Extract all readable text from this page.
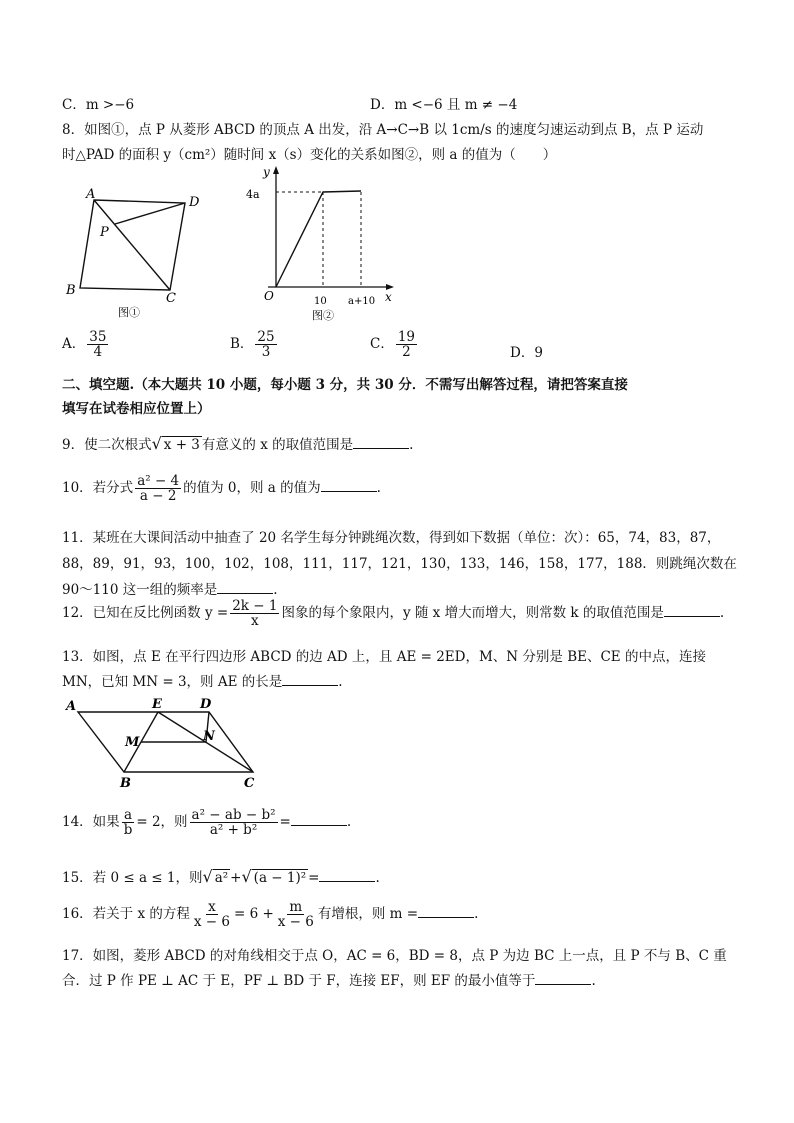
C．m >−6	D．m <−6 且 m ≠ −4
8．如图①，点 P 从菱形 ABCD 的顶点 A 出发，沿 A→C→B 以 1cm/s 的速度匀速运动到点 B，点 P 运动
时△PAD 的面积 y（cm²）随时间 x（s）变化的关系如图②，则 a 的值为（　　）
A
D
P
B
C
图①
y
4a
O	10 a+10 x
图②
A． $\frac{35}{4}$	B． $\frac{25}{3}$	C． $\frac{19}{2}$	D．9
二、填空题.（本大题共 10 小题，每小题 3 分，共 30 分．不需写出解答过程，请把答案直接
填写在试卷相应位置上）
9．使二次根式√ x + 3 有意义的 x 的取值范围是	.
10．若分式 $\frac{\text{a² − 4}}{a - 2}$ 的值为 0，则 a 的值为	.
11．某班在大课间活动中抽查了 20 名学生每分钟跳绳次数，得到如下数据（单位：次）：65，74，83，87，
88，89，91，93，100，102，108，111，117，121，130，133，146，158，177，188．则跳绳次数在
90～110 这一组的频率是	.
12．已知在反比例函数 $y = \frac{2k - 1}{x}$ 图象的每个象限内，y 随 x 增大而增大，则常数 k 的取值范围是	.
13．如图，点 E 在平行四边形 ABCD 的边 AD 上，且 AE = 2ED，M、N 分别是 BE、CE 的中点，连接
MN，已知 MN = 3，则 AE 的长是	.
A	E	D
M	N
B	C
14．如果 $\frac{a}{b} = 2$，则 $\frac{\text{a² − ab − b²}}{\text{a² + b²}}$ =	.
15．若 0 ≤ a ≤ 1，则√ a² +√ (a − 1)² =	.
16．若关于 x 的方程 $\frac{x}{x - 6} = 6 + \frac{m}{x - 6}$ 有增根，则 m =	.
17．如图，菱形 ABCD 的对角线相交于点 O，AC = 6，BD = 8，点 P 为边 BC 上一点，且 P 不与 B、C 重
合．过 P 作 PE ⊥ AC 于 E，PF ⊥ BD 于 F，连接 EF，则 EF 的最小值等于	.
